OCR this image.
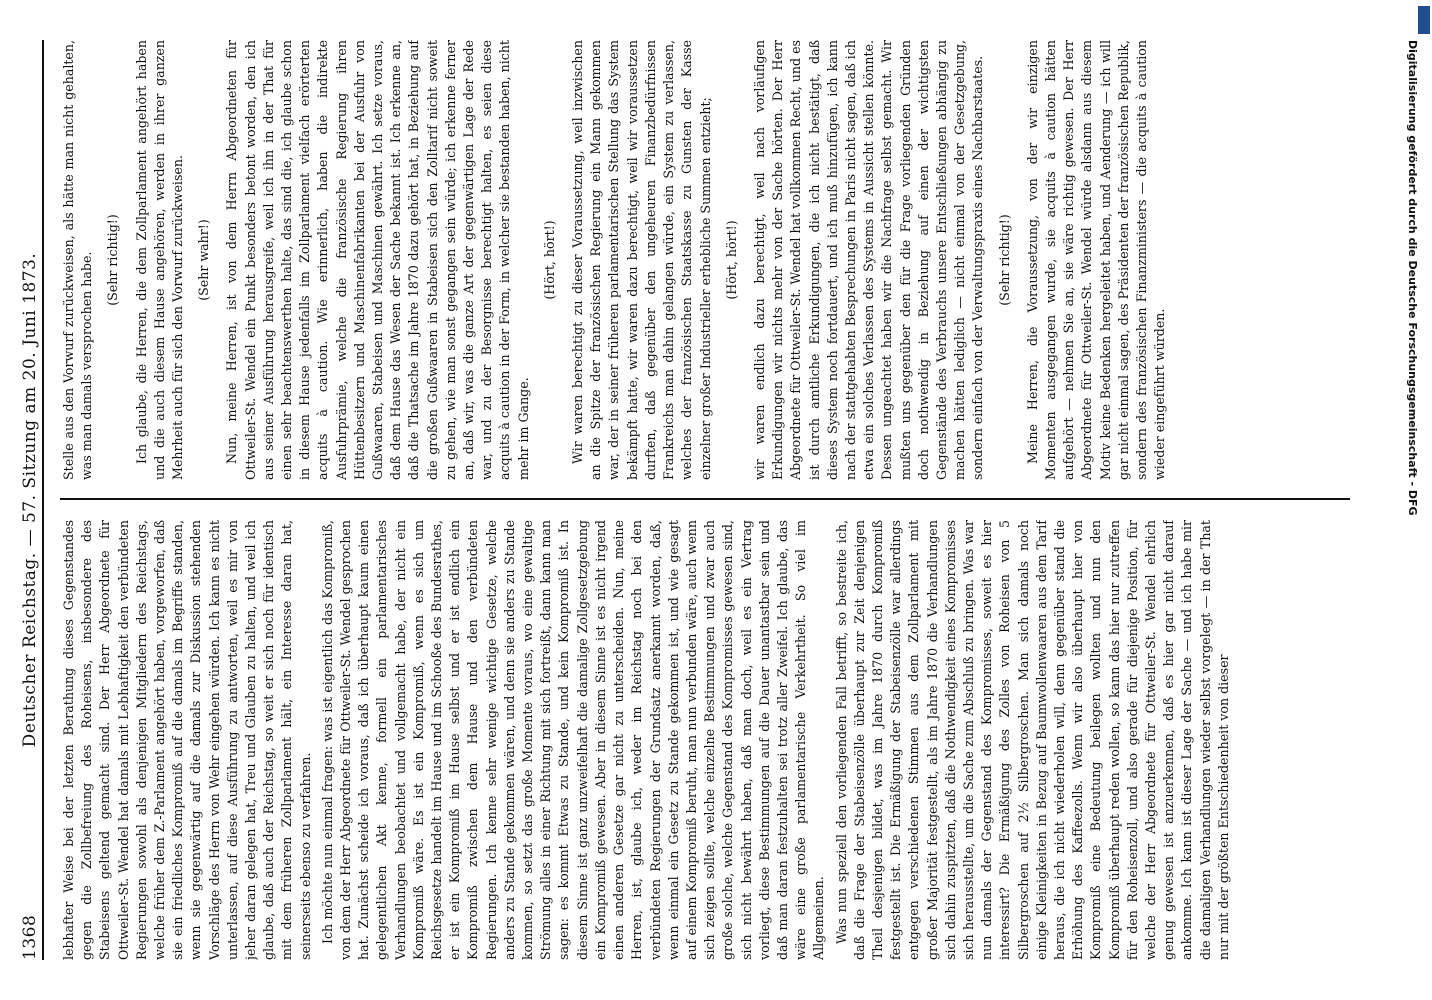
1368
Deutscher Reichstag. — 57. Sitzung am 20. Juni 1873. lebhafter Weise bei der letzten Berathung dieses Gegenstandes gegen die Zollbefreiung des Roheisens, insbesondere des Stabeisens geltend gemacht sind. Der Herr Abgeordnete für Ottweiler-St. Wendel hat damals mit Lebhaftigkeit den verbündeten Regierungen sowohl als denjenigen Mitgliedern des Reichstags, welche früher dem Z.-Parlament angehört haben, vorgeworfen, daß sie ein friedliches Kompromiß auf die damals im Begriffe standen, wenn sie gegenwärtig auf die damals zur Diskussion stehenden Vorschläge des Herrn von Wehr eingehen würden. Ich kann es nicht unterlassen, auf diese Ausführung zu antworten, weil es mir von jeher daran gelegen hat, Treu und Glauben zu halten, und weil ich glaube, daß auch der Reichstag, so weit er sich noch für identisch mit dem früheren Zollparlament hält, ein Interesse daran hat, seinerseits ebenso zu verfahren. Ich möchte nun einmal fragen: was ist eigentlich das Kompromiß, von dem der Herr Abgeordnete für Ottweiler-St. Wendel gesprochen hat. Zunächst scheide ich voraus, daß ich überhaupt kaum einen gelegentlichen Akt kenne, formell ein parlamentarisches Verhandlungen beobachtet und vollgemacht habe, der nicht ein Kompromiß wäre. Es ist ein Kompromiß, wenn es sich um Reichsgesetze handelt im Hause und im Schooße des Bundesrathes, er ist ein Kompromiß im Hause selbst und er ist endlich ein Kompromiß zwischen dem Hause und den verbündeten Regierungen. Ich kenne sehr wenige wichtige Gesetze, welche anders zu Stande gekommen wären, und denn sie anders zu Stande kommen, so setzt das große Momente voraus, wo eine gewaltige Strömung alles in einer Richtung mit sich fortreißt, dann kann man sagen: es kommt Etwas zu Stande, und kein Kompromiß ist. In diesem Sinne ist ganz unzweifelhaft die damalige Zollgesetzgebung ein Kompromiß gewesen. Aber in diesem Sinne ist es nicht irgend einen anderen Gesetze gar nicht zu unterscheiden. Nun, meine Herren, ist, glaube ich, weder im Reichstag noch bei den verbündeten Regierungen der Grundsatz anerkannt worden, daß, wenn einmal ein Gesetz zu Stande gekommen ist, und wie gesagt auf einem Kompromiß beruht, man nun verbunden wäre, auch wenn sich zeigen sollte, welche einzelne Bestimmungen und zwar auch große solche, welche Gegenstand des Kompromisses gewesen sind, sich nicht bewährt haben, daß man doch, weil es ein Vertrag vorliegt, diese Bestimmungen auf die Dauer unantastbar sein und daß man daran festzuhalten sei trotz aller Zweifel. Ich glaube, das wäre eine große parlamentarische Verkehrtheit. So viel im Allgemeinen. Was nun speziell den vorliegenden Fall betrifft, so bestreite ich, daß die Frage der Stabeisenzölle überhaupt zur Zeit denjenigen Theil desjenigen bildet, was im Jahre 1870 durch Kompromiß festgestellt ist. Die Ermäßigung der Stabeisenzölle war allerdings entgegen verschiedenen Stimmen aus dem Zollparlament mit großer Majorität festgestellt, als im Jahre 1870 die Verhandlungen sich dahin zuspitzten, daß die Nothwendigkeit eines Kompromisses sich herausstellte, um die Sache zum Abschluß zu bringen. Was war nun damals der Gegenstand des Kompromisses, soweit es hier interessirt? Die Ermäßigung des Zolles von Roheisen von 5 Silbergroschen auf 2½ Silbergroschen. Man sich damals noch einige Kleinigkeiten in Bezug auf Baumwollenwaaren aus dem Tarif heraus, die ich nicht wiederholen will, denn gegenüber stand die Erhöhung des Kaffeezolls. Wenn wir also überhaupt hier von Kompromiß eine Bedeutung beilegen wollten und nun den Kompromiß überhaupt reden wollen, so kann das hier nur zutreffen für den Roheisenzoll, und also gerade für diejenige Position, für welche der Herr Abgeordnete für Ottweiler-St. Wendel ehrlich genug gewesen ist anzuerkennen, daß es hier gar nicht darauf ankomme. Ich kann ist dieser Lage der Sache — und ich habe mir die damaligen Verhandlungen wieder selbst vorgelegt — in der That nur mit der größten Entschiedenheit von dieser

Stelle aus den Vorwurf zurückweisen, als hätte man nicht gehalten, was man damals versprochen habe. (Sehr richtig!) Ich glaube, die Herren, die dem Zollparlament angehört haben und die auch diesem Hause angehören, werden in ihrer ganzen Mehrheit auch für sich den Vorwurf zurückweisen. (Sehr wahr!) Nun, meine Herren, ist von dem Herrn Abgeordneten für Ottweiler-St. Wendel ein Punkt besonders betont worden, den ich aus seiner Ausführung herausgreife, weil ich ihn in der That für einen sehr beachtenswerthen halte, das sind die, ich glaube schon in diesem Hause jedenfalls im Zollparlament vielfach erörterten acquits à caution. Wie erinnerlich, haben die indirekte Ausfuhrprämie, welche die französische Regierung ihren Hüttenbesitzern und Maschinenfabrikanten bei der Ausfuhr von Gußwaaren, Stabeisen und Maschinen gewährt. Ich setze voraus, daß dem Hause das Wesen der Sache bekannt ist. Ich erkenne an, daß die Thatsache im Jahre 1870 dazu gehört hat, in Beziehung auf die großen Gußwaaren in Stabeisen sich den Zolltarif nicht soweit zu gehen, wie man sonst gegangen sein würde; ich erkenne ferner an, daß wir, was die ganze Art der gegenwärtigen Lage der Rede war, und zu der Besorgnisse berechtigt halten, es seien diese acquits à caution in der Form, in welcher sie bestanden haben, nicht mehr im Gange.

(Hört, hört!) Wir waren berechtigt zu dieser Voraussetzung, weil inzwischen an die Spitze der französischen Regierung ein Mann gekommen war, der in seiner früheren parlamentarischen Stellung das System bekämpft hatte, wir waren dazu berechtigt, weil wir voraussetzen durften, daß gegenüber den ungeheuren Finanzbedürfnissen Frankreichs man dahin gelangen würde, ein System zu verlassen, welches der französischen Staatskasse zu Gunsten der Kasse einzelner großer Industrieller erhebliche Summen entzieht; (Hört, hört!) wir waren endlich dazu berechtigt, weil nach vorläufigen Erkundigungen wir nichts mehr von der Sache hörten. Der Herr Abgeordnete für Ottweiler-St. Wendel hat vollkommen Recht, und es ist durch amtliche Erkundigungen, die ich nicht bestätigt, daß dieses System noch fortdauert, und ich muß hinzufügen, ich kann nach der stattgehabten Besprechungen in Paris nicht sagen, daß ich etwa ein solches Verlassen des Systems in Aussicht stellen könnte. Dessen ungeachtet haben wir die Nachfrage selbst gemacht. Wir mußten uns gegenüber den für die Frage vorliegenden Gründen doch nothwendig in Beziehung auf einen der wichtigsten Gegenstände des Verbrauchs unsere Entschließungen abhängig zu machen hätten lediglich — nicht einmal von der Gesetzgebung, sondern einfach von der Verwaltungspraxis eines Nachbarstaates. (Sehr richtig!) Meine Herren, die Voraussetzung, von der wir einzigen Momenten ausgegangen wurde, sie acquits à caution hätten aufgehört — nehmen Sie an, sie wäre richtig gewesen. Der Herr Abgeordnete für Ottweiler-St. Wendel würde alsdann aus diesem Motiv keine Bedenken hergeleitet haben, und Aenderung — ich will gar nicht einmal sagen, des Präsidenten der französischen Republik, sondern des französischen Finanzministers — die acquits à caution wieder eingeführt würden.	Digitalisierung gefördert durch die Deutsche Forschungsgemeinschaft - DFG
